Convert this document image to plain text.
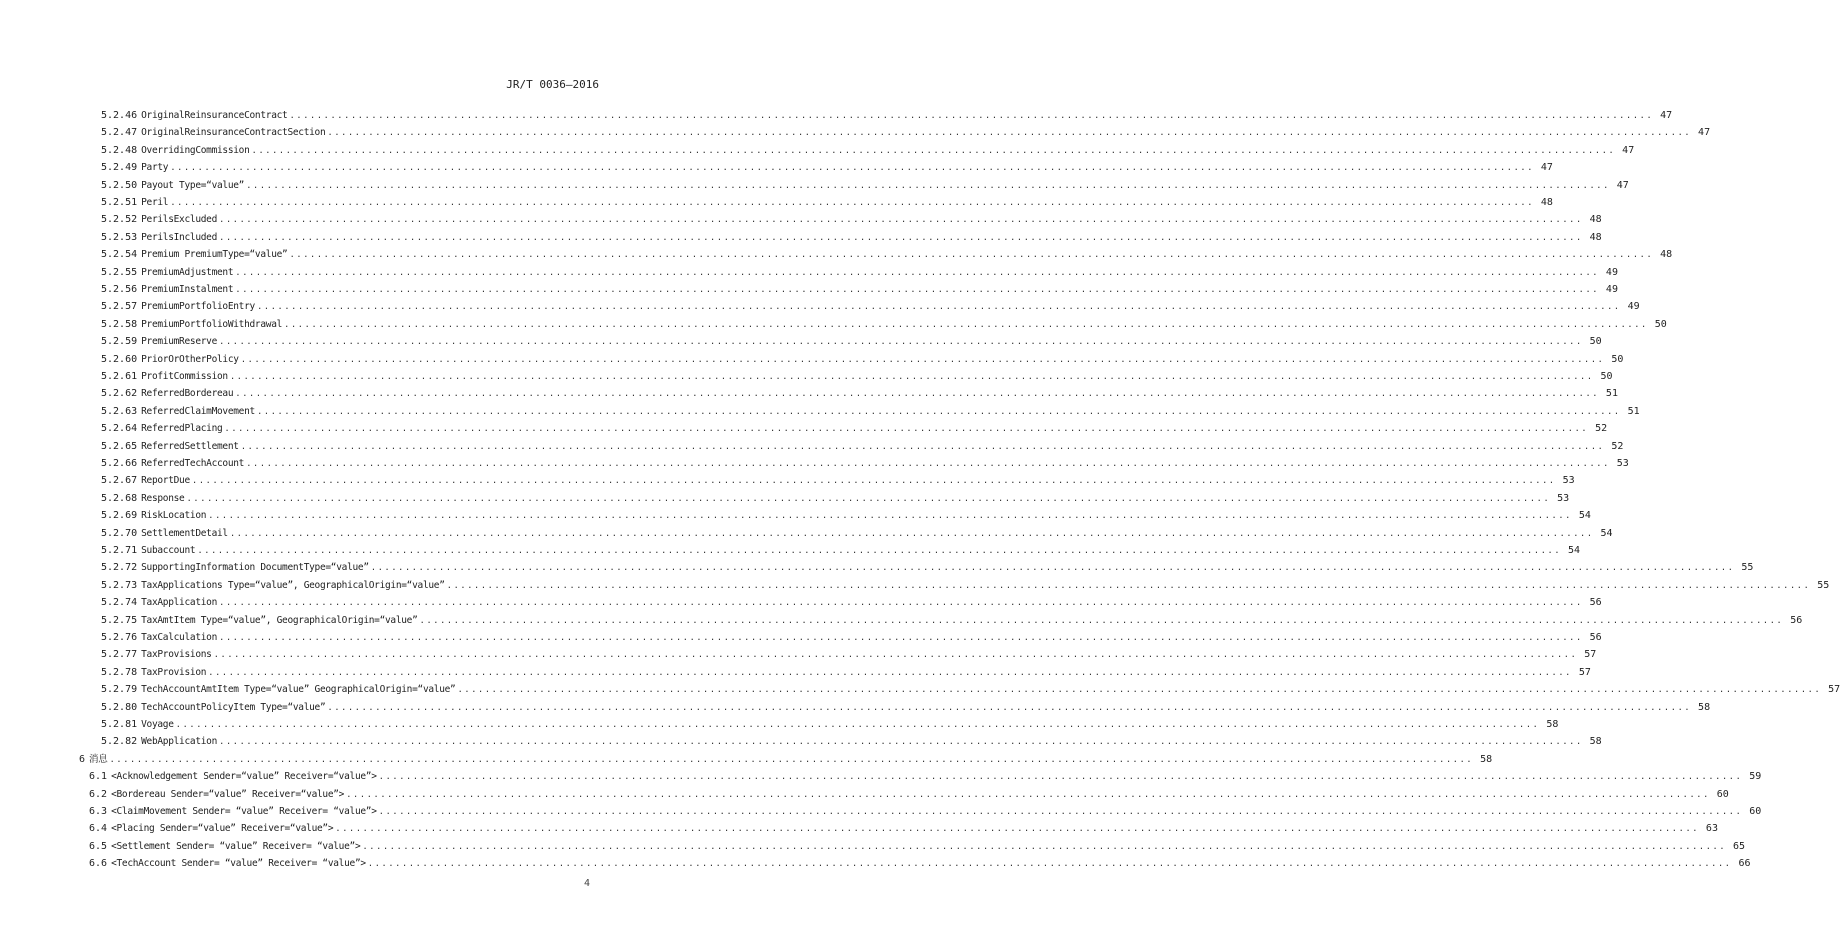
JR/T 0036—2016
5.2.46 OriginalReinsuranceContract ........................................................................................................................................................................................................ 47
5.2.47 OriginalReinsuranceContractSection ........................................................................................................................................................................................................ 47
5.2.48 OverridingCommission ........................................................................................................................................................................................................ 47
5.2.49 Party ........................................................................................................................................................................................................ 47
5.2.50 Payout Type=“value” ........................................................................................................................................................................................................ 47
5.2.51 Peril ........................................................................................................................................................................................................ 48
5.2.52 PerilsExcluded ........................................................................................................................................................................................................ 48
5.2.53 PerilsIncluded ........................................................................................................................................................................................................ 48
5.2.54 Premium PremiumType=“value” ........................................................................................................................................................................................................ 48
5.2.55 PremiumAdjustment ........................................................................................................................................................................................................ 49
5.2.56 PremiumInstalment ........................................................................................................................................................................................................ 49
5.2.57 PremiumPortfolioEntry ........................................................................................................................................................................................................ 49
5.2.58 PremiumPortfolioWithdrawal ........................................................................................................................................................................................................ 50
5.2.59 PremiumReserve ........................................................................................................................................................................................................ 50
5.2.60 PriorOrOtherPolicy ........................................................................................................................................................................................................ 50
5.2.61 ProfitCommission ........................................................................................................................................................................................................ 50
5.2.62 ReferredBordereau ........................................................................................................................................................................................................ 51
5.2.63 ReferredClaimMovement ........................................................................................................................................................................................................ 51
5.2.64 ReferredPlacing ........................................................................................................................................................................................................ 52
5.2.65 ReferredSettlement ........................................................................................................................................................................................................ 52
5.2.66 ReferredTechAccount ........................................................................................................................................................................................................ 53
5.2.67 ReportDue ........................................................................................................................................................................................................ 53
5.2.68 Response ........................................................................................................................................................................................................ 53
5.2.69 RiskLocation ........................................................................................................................................................................................................ 54
5.2.70 SettlementDetail ........................................................................................................................................................................................................ 54
5.2.71 Subaccount ........................................................................................................................................................................................................ 54
5.2.72 SupportingInformation DocumentType=“value” ........................................................................................................................................................................................................ 55
5.2.73 TaxApplications Type=“value”, GeographicalOrigin=“value” ........................................................................................................................................................................................................ 55
5.2.74 TaxApplication ........................................................................................................................................................................................................ 56
5.2.75 TaxAmtItem Type=“value”, GeographicalOrigin=“value” ........................................................................................................................................................................................................ 56
5.2.76 TaxCalculation ........................................................................................................................................................................................................ 56
5.2.77 TaxProvisions ........................................................................................................................................................................................................ 57
5.2.78 TaxProvision ........................................................................................................................................................................................................ 57
5.2.79 TechAccountAmtItem Type=“value” GeographicalOrigin=“value” ........................................................................................................................................................................................................ 57
5.2.80 TechAccountPolicyItem Type=“value” ........................................................................................................................................................................................................ 58
5.2.81 Voyage ........................................................................................................................................................................................................ 58
5.2.82 WebApplication ........................................................................................................................................................................................................ 58
6 消息 ........................................................................................................................................................................................................ 58
6.1 <Acknowledgement Sender=“value” Receiver=“value”> ........................................................................................................................................................................................................ 59
6.2 <Bordereau Sender=“value” Receiver=“value”> ........................................................................................................................................................................................................ 60
6.3 <ClaimMovement Sender= “value” Receiver= “value”> ........................................................................................................................................................................................................ 60
6.4 <Placing Sender=“value” Receiver=“value”> ........................................................................................................................................................................................................ 63
6.5 <Settlement Sender= “value” Receiver= “value”> ........................................................................................................................................................................................................ 65
6.6 <TechAccount Sender= “value” Receiver= “value”> ........................................................................................................................................................................................................ 66
4
